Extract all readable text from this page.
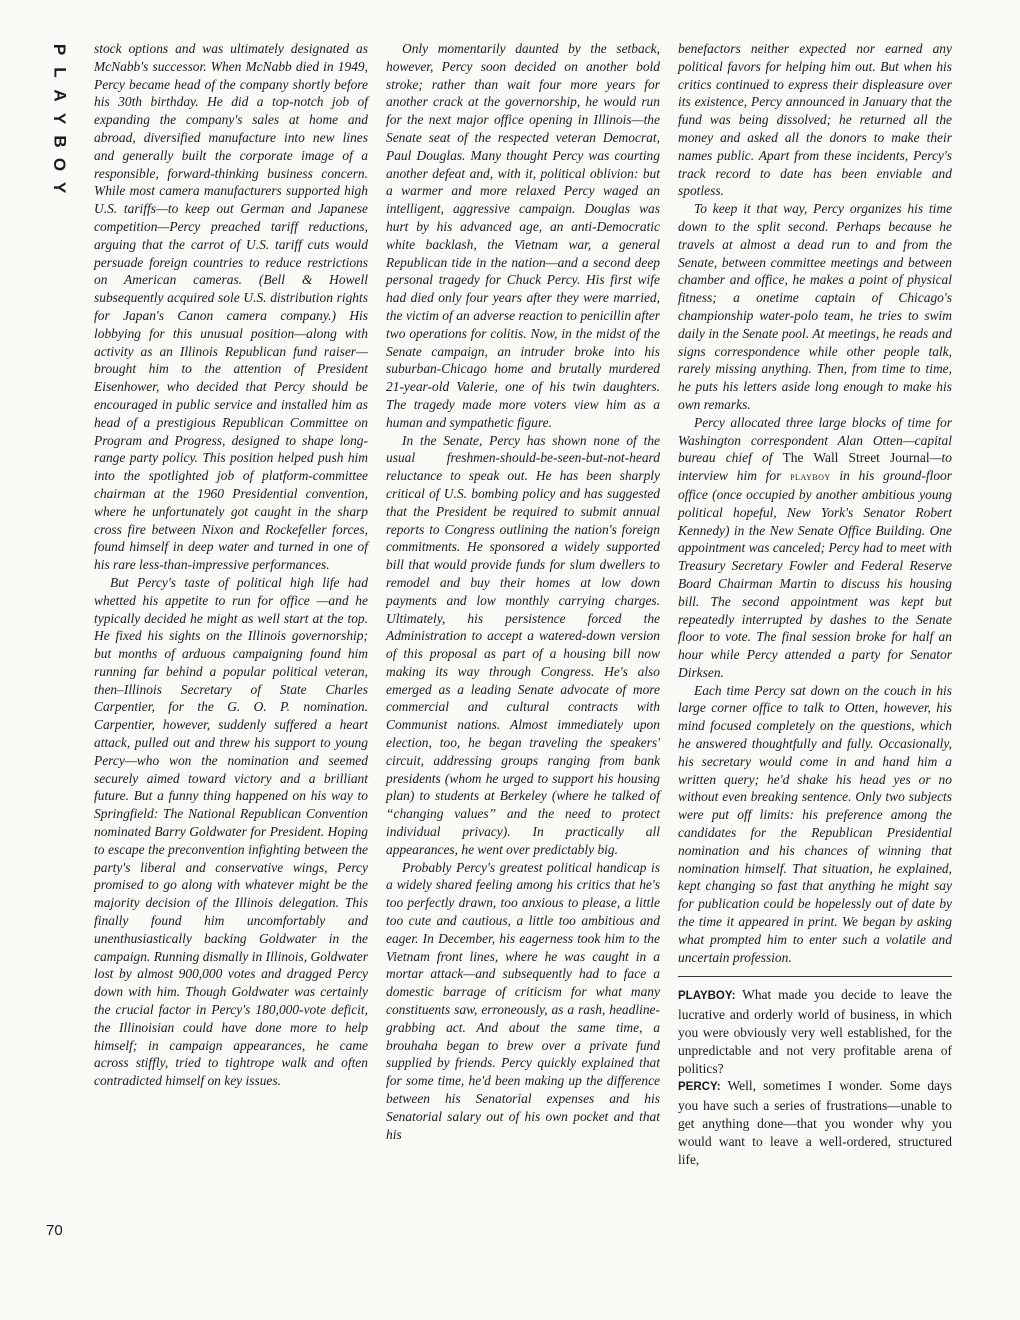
P
L
A
Y
B
O
Y
70

stock options and was ultimately designated as McNabb's successor. When McNabb died in 1949, Percy became head of the company shortly before his 30th birthday. He did a top-notch job of expanding the company's sales at home and abroad, diversified manufacture into new lines and generally built the corporate image of a responsible, forward-thinking business concern. While most camera manufacturers supported high U.S. tariffs—to keep out German and Japanese competition—Percy preached tariff reductions, arguing that the carrot of U.S. tariff cuts would persuade foreign countries to reduce restrictions on American cameras. (Bell & Howell subsequently acquired sole U.S. distribution rights for Japan's Canon camera company.) His lobbying for this unusual position—along with activity as an Illinois Republican fund raiser—brought him to the attention of President Eisenhower, who decided that Percy should be encouraged in public service and installed him as head of a prestigious Republican Committee on Program and Progress, designed to shape long-range party policy. This position helped push him into the spotlighted job of platform-committee chairman at the 1960 Presidential convention, where he unfortunately got caught in the sharp cross fire between Nixon and Rockefeller forces, found himself in deep water and turned in one of his rare less-than-impressive performances.

But Percy's taste of political high life had whetted his appetite to run for office —and he typically decided he might as well start at the top. He fixed his sights on the Illinois governorship; but months of arduous campaigning found him running far behind a popular political veteran, then–Illinois Secretary of State Charles Carpentier, for the G. O. P. nomination. Carpentier, however, suddenly suffered a heart attack, pulled out and threw his support to young Percy—who won the nomination and seemed securely aimed toward victory and a brilliant future. But a funny thing happened on his way to Springfield: The National Republican Convention nominated Barry Goldwater for President. Hoping to escape the preconvention infighting between the party's liberal and conservative wings, Percy promised to go along with whatever might be the majority decision of the Illinois delegation. This finally found him uncomfortably and unenthusiastically backing Goldwater in the campaign. Running dismally in Illinois, Goldwater lost by almost 900,000 votes and dragged Percy down with him. Though Goldwater was certainly the crucial factor in Percy's 180,000-vote deficit, the Illinoisian could have done more to help himself; in campaign appearances, he came across stiffly, tried to tightrope walk and often contradicted himself on key issues.

Only momentarily daunted by the setback, however, Percy soon decided on another bold stroke; rather than wait four more years for another crack at the governorship, he would run for the next major office opening in Illinois—the Senate seat of the respected veteran Democrat, Paul Douglas. Many thought Percy was courting another defeat and, with it, political oblivion: but a warmer and more relaxed Percy waged an intelligent, aggressive campaign. Douglas was hurt by his advanced age, an anti-Democratic white backlash, the Vietnam war, a general Republican tide in the nation—and a second deep personal tragedy for Chuck Percy. His first wife had died only four years after they were married, the victim of an adverse reaction to penicillin after two operations for colitis. Now, in the midst of the Senate campaign, an intruder broke into his suburban-Chicago home and brutally murdered 21-year-old Valerie, one of his twin daughters. The tragedy made more voters view him as a human and sympathetic figure.

In the Senate, Percy has shown none of the usual freshmen-should-be-seen-but-not-heard reluctance to speak out. He has been sharply critical of U.S. bombing policy and has suggested that the President be required to submit annual reports to Congress outlining the nation's foreign commitments. He sponsored a widely supported bill that would provide funds for slum dwellers to remodel and buy their homes at low down payments and low monthly carrying charges. Ultimately, his persistence forced the Administration to accept a watered-down version of this proposal as part of a housing bill now making its way through Congress. He's also emerged as a leading Senate advocate of more commercial and cultural contracts with Communist nations. Almost immediately upon election, too, he began traveling the speakers' circuit, addressing groups ranging from bank presidents (whom he urged to support his housing plan) to students at Berkeley (where he talked of “changing values” and the need to protect individual privacy). In practically all appearances, he went over predictably big.

Probably Percy's greatest political handicap is a widely shared feeling among his critics that he's too perfectly drawn, too anxious to please, a little too cute and cautious, a little too ambitious and eager. In December, his eagerness took him to the Vietnam front lines, where he was caught in a mortar attack—and subsequently had to face a domestic barrage of criticism for what many constituents saw, erroneously, as a rash, headline-grabbing act. And about the same time, a brouhaha began to brew over a private fund supplied by friends. Percy quickly explained that for some time, he'd been making up the difference between his Senatorial expenses and his Senatorial salary out of his own pocket and that his

benefactors neither expected nor earned any political favors for helping him out. But when his critics continued to express their displeasure over its existence, Percy announced in January that the fund was being dissolved; he returned all the money and asked all the donors to make their names public. Apart from these incidents, Percy's track record to date has been enviable and spotless.

To keep it that way, Percy organizes his time down to the split second. Perhaps because he travels at almost a dead run to and from the Senate, between committee meetings and between chamber and office, he makes a point of physical fitness; a onetime captain of Chicago's championship water-polo team, he tries to swim daily in the Senate pool. At meetings, he reads and signs correspondence while other people talk, rarely missing anything. Then, from time to time, he puts his letters aside long enough to make his own remarks.

Percy allocated three large blocks of time for Washington correspondent Alan Otten—capital bureau chief of The Wall Street Journal—to interview him for playboy in his ground-floor office (once occupied by another ambitious young political hopeful, New York's Senator Robert Kennedy) in the New Senate Office Building. One appointment was canceled; Percy had to meet with Treasury Secretary Fowler and Federal Reserve Board Chairman Martin to discuss his housing bill. The second appointment was kept but repeatedly interrupted by dashes to the Senate floor to vote. The final session broke for half an hour while Percy attended a party for Senator Dirksen.

Each time Percy sat down on the couch in his large corner office to talk to Otten, however, his mind focused completely on the questions, which he answered thoughtfully and fully. Occasionally, his secretary would come in and hand him a written query; he'd shake his head yes or no without even breaking sentence. Only two subjects were put off limits: his preference among the candidates for the Republican Presidential nomination and his chances of winning that nomination himself. That situation, he explained, kept changing so fast that anything he might say for publication could be hopelessly out of date by the time it appeared in print. We began by asking what prompted him to enter such a volatile and uncertain profession.

PLAYBOY: What made you decide to leave the lucrative and orderly world of business, in which you were obviously very well established, for the unpredictable and not very profitable arena of politics?

PERCY: Well, sometimes I wonder. Some days you have such a series of frustrations—unable to get anything done—that you wonder why you would want to leave a well-ordered, structured life,
